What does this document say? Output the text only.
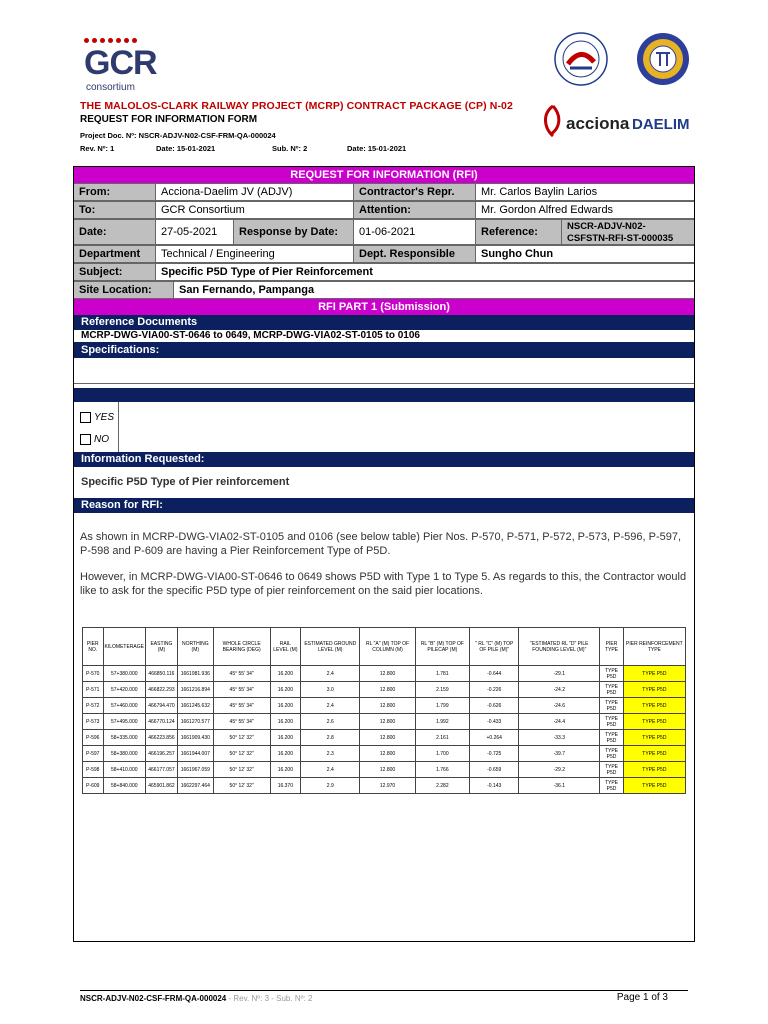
GCR
consortium
acciona DAELIM
THE MALOLOS-CLARK RAILWAY PROJECT (MCRP) CONTRACT PACKAGE (CP) N-02
REQUEST FOR INFORMATION FORM
Project Doc. Nº: NSCR-ADJV-N02-CSF-FRM-QA-000024
Rev. Nº: 1	Date: 15-01-2021	Sub. Nº: 2	Date: 15-01-2021
REQUEST FOR INFORMATION (RFI)
From:	Acciona-Daelim JV (ADJV)	Contractor's Repr.	Mr. Carlos Baylin Larios
To:	GCR Consortium	Attention:	Mr. Gordon Alfred Edwards
Date:	27-05-2021	Response by Date:	01-06-2021	Reference:	NSCR-ADJV-N02-
CSFSTN-RFI-ST-000035
Department	Technical / Engineering	Dept. Responsible	Sungho Chun
Subject:	Specific P5D Type of Pier Reinforcement
Site Location:	San Fernando, Pampanga
RFI PART 1 (Submission)
Reference Documents
MCRP-DWG-VIA00-ST-0646 to 0649, MCRP-DWG-VIA02-ST-0105 to 0106
Specifications:
YES
NO
Information Requested:
Specific P5D Type of Pier reinforcement
Reason for RFI:
As shown in MCRP-DWG-VIA02-ST-0105 and 0106 (see below table) Pier Nos. P-570, P-571, P-572, P-573, P-596, P-597, P-598 and P-609 are having a Pier Reinforcement Type of P5D.
However, in MCRP-DWG-VIA00-ST-0646 to 0649 shows P5D with Type 1 to Type 5. As regards to this, the Contractor would like to ask for the specific P5D type of pier reinforcement on the said pier locations.
PIER NO.	KILOMETERAGE	EASTING (M)	NORTHING (M)	WHOLE CIRCLE BEARING (DEG)	RAIL LEVEL (M)	ESTIMATED GROUND LEVEL (M)	RL "A" (M) TOP OF COLUMN (M)	RL "B" (M) TOP OF PILECAP (M)	" RL "C" (M) TOP OF PILE (M)"	"ESTIMATED RL "D" PILE FOUNDING LEVEL (M)"	PIER TYPE	PIER REINFORCEMENT TYPE
P-570	57+380.000	466850.116	1661981.936	45° 55' 34"	16.200	2.4	12.800	1.781	-0.644	-29.1	TYPE P5D	TYPE P5D
P-571	57+420.000	466822.293	1661216.894	45° 55' 34"	16.200	3.0	12.800	2.159	-0.226	-24.2	TYPE P5D	TYPE P5D
P-572	57+460.000	466794.470	1661245.632	45° 55' 34"	16.200	2.4	12.800	1.799	-0.626	-24.6	TYPE P5D	TYPE P5D
P-573	57+495.000	466770.124	1661270.577	45° 55' 34"	16.200	2.6	12.800	1.992	-0.433	-24.4	TYPE P5D	TYPE P5D
P-596	58+335.000	466223.856	1661909.430	50° 12' 32"	16.200	2.8	12.800	2.161	+0.264	-33.3	TYPE P5D	TYPE P5D
P-597	58+380.000	466196.257	1661944.007	50° 12' 32"	16.200	2.3	12.800	1.700	-0.725	-39.7	TYPE P5D	TYPE P5D
P-598	58+410.000	466177.057	1661967.059	50° 12' 32"	16.200	2.4	12.800	1.766	-0.659	-29.2	TYPE P5D	TYPE P5D
P-609	58+840.000	465901.862	1662297.464	50° 12' 32"	16.370	2.9	12.970	2.282	-0.143	-36.1	TYPE P5D	TYPE P5D
NSCR-ADJV-N02-CSF-FRM-QA-000024 - Rev. Nº: 3 - Sub. Nº: 2	Page 1 of 3
